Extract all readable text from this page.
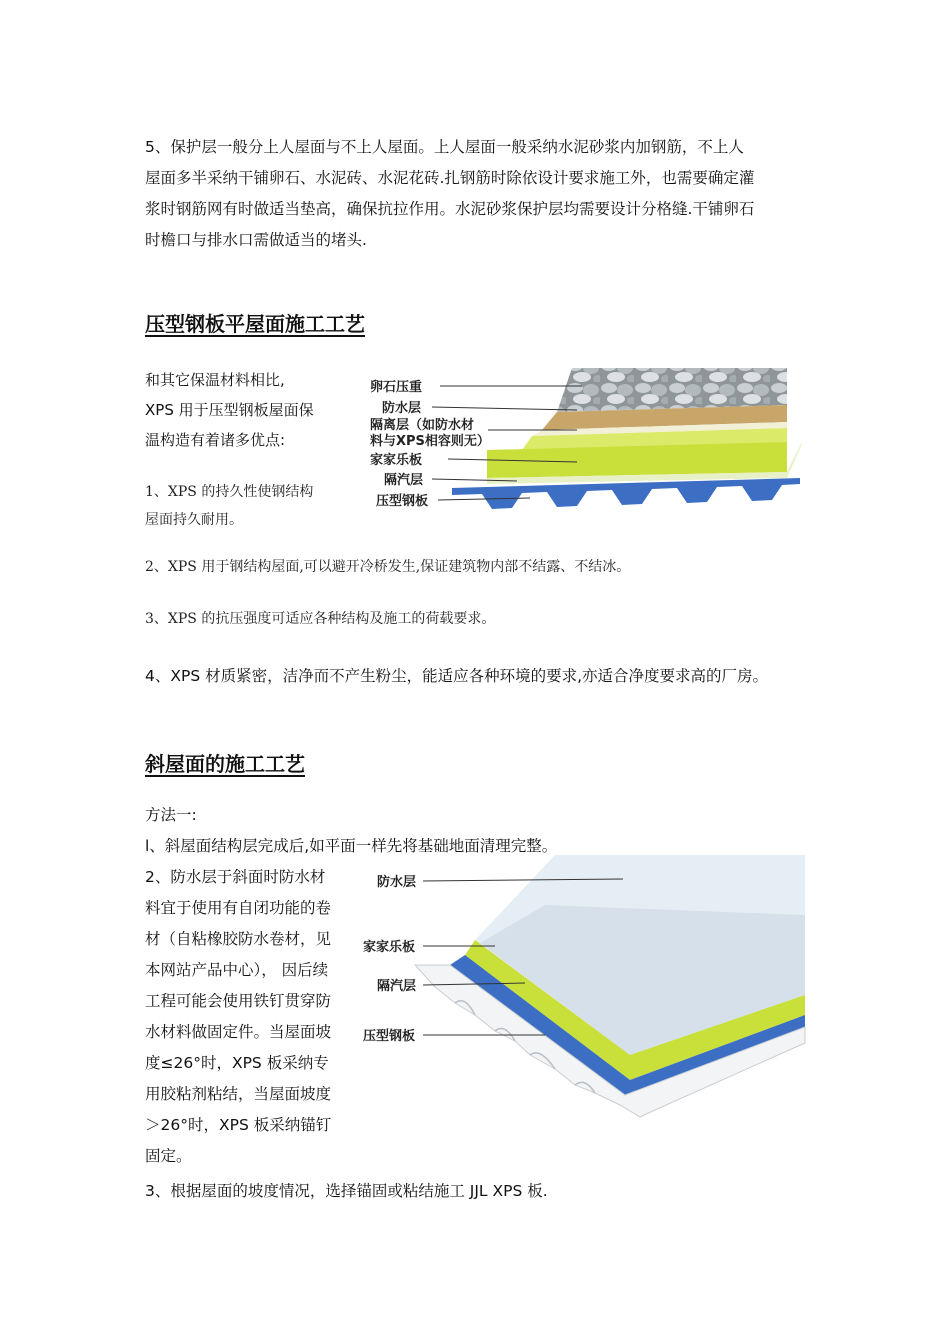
5、保护层一般分上人屋面与不上人屋面。上人屋面一般采纳水泥砂浆内加钢筋，不上人
屋面多半采纳干铺卵石、水泥砖、水泥花砖.扎钢筋时除依设计要求施工外，也需要确定灌
浆时钢筋网有时做适当垫高，确保抗拉作用。水泥砂浆保护层均需要设计分格缝.干铺卵石
时檐口与排水口需做适当的堵头.
压型钢板平屋面施工工艺
和其它保温材料相比,
XPS 用于压型钢板屋面保
温构造有着诸多优点:
1、XPS 的持久性使钢结构
屋面持久耐用。
卵石压重
防水层
隔离层（如防水材
料与XPS相容则无）
家家乐板
隔汽层
压型钢板
2、XPS 用于钢结构屋面,可以避开冷桥发生,保证建筑物内部不结露、不结冰。
3、XPS 的抗压强度可适应各种结构及施工的荷载要求。
4、XPS 材质紧密，洁净而不产生粉尘，能适应各种环境的要求,亦适合净度要求高的厂房。
斜屋面的施工工艺
方法一:
l、斜屋面结构层完成后,如平面一样先将基础地面清理完整。
2、防水层于斜面时防水材
料宜于使用有自闭功能的卷
材（自粘橡胶防水卷材，见
本网站产品中心）， 因后续
工程可能会使用铁钉贯穿防
水材料做固定件。当屋面坡
度≤26°时，XPS 板采纳专
用胶粘剂粘结，当屋面坡度
＞26°时，XPS 板采纳锚钉
固定。
防水层
家家乐板
隔汽层
压型钢板
3、根据屋面的坡度情况，选择锚固或粘结施工 JJL XPS 板.
